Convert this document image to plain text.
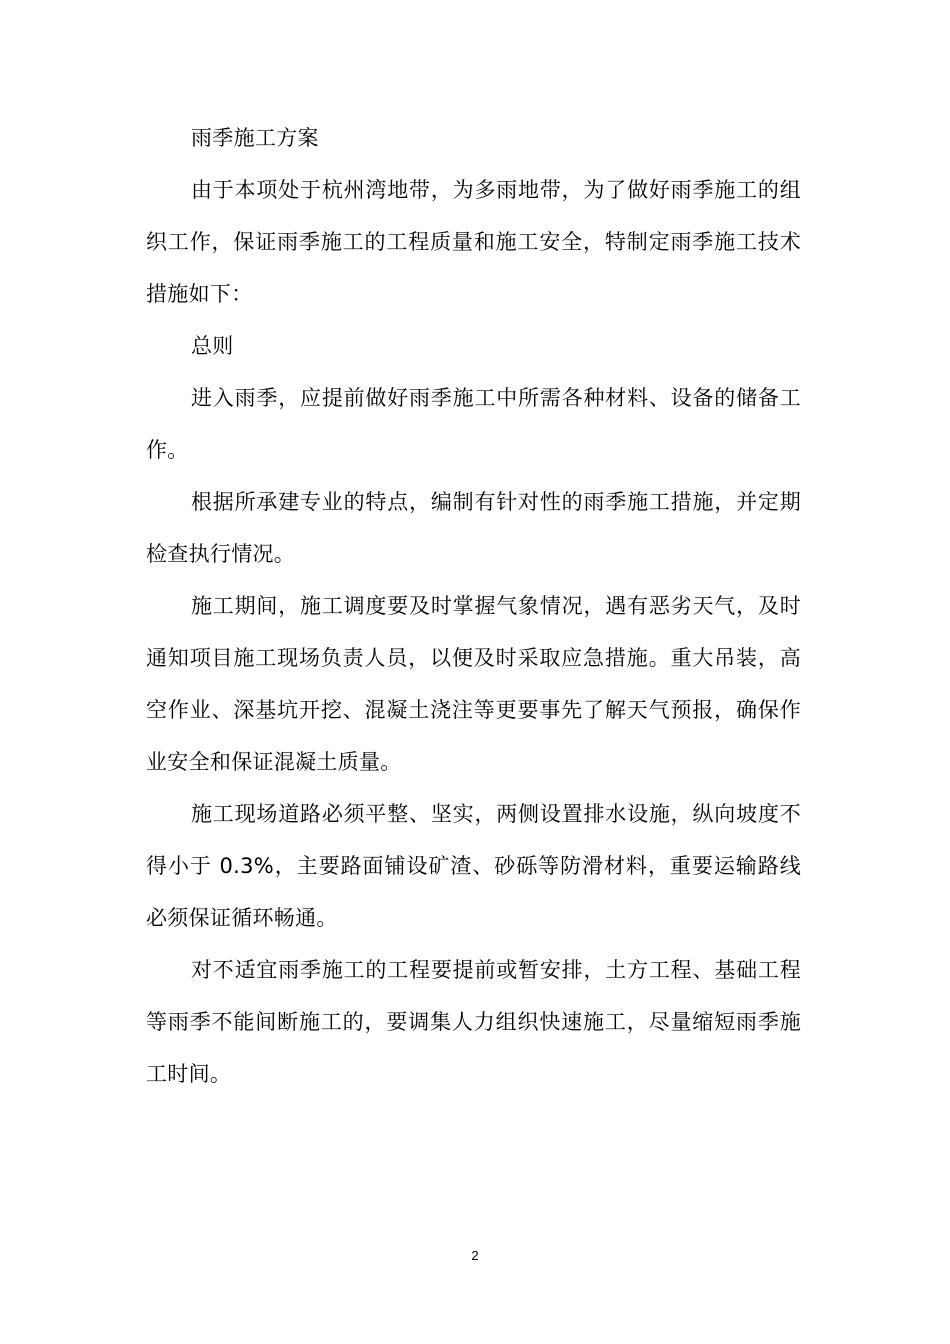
雨季施工方案

由于本项处于杭州湾地带，为多雨地带，为了做好雨季施工的组织工作，保证雨季施工的工程质量和施工安全，特制定雨季施工技术措施如下：

总则

进入雨季，应提前做好雨季施工中所需各种材料、设备的储备工作。

根据所承建专业的特点，编制有针对性的雨季施工措施，并定期检查执行情况。

施工期间，施工调度要及时掌握气象情况，遇有恶劣天气，及时通知项目施工现场负责人员，以便及时采取应急措施。重大吊装，高空作业、深基坑开挖、混凝土浇注等更要事先了解天气预报，确保作业安全和保证混凝土质量。

施工现场道路必须平整、坚实，两侧设置排水设施，纵向坡度不得小于 0.3%，主要路面铺设矿渣、砂砾等防滑材料，重要运输路线必须保证循环畅通。

对不适宜雨季施工的工程要提前或暂安排，土方工程、基础工程等雨季不能间断施工的，要调集人力组织快速施工，尽量缩短雨季施工时间。

2
